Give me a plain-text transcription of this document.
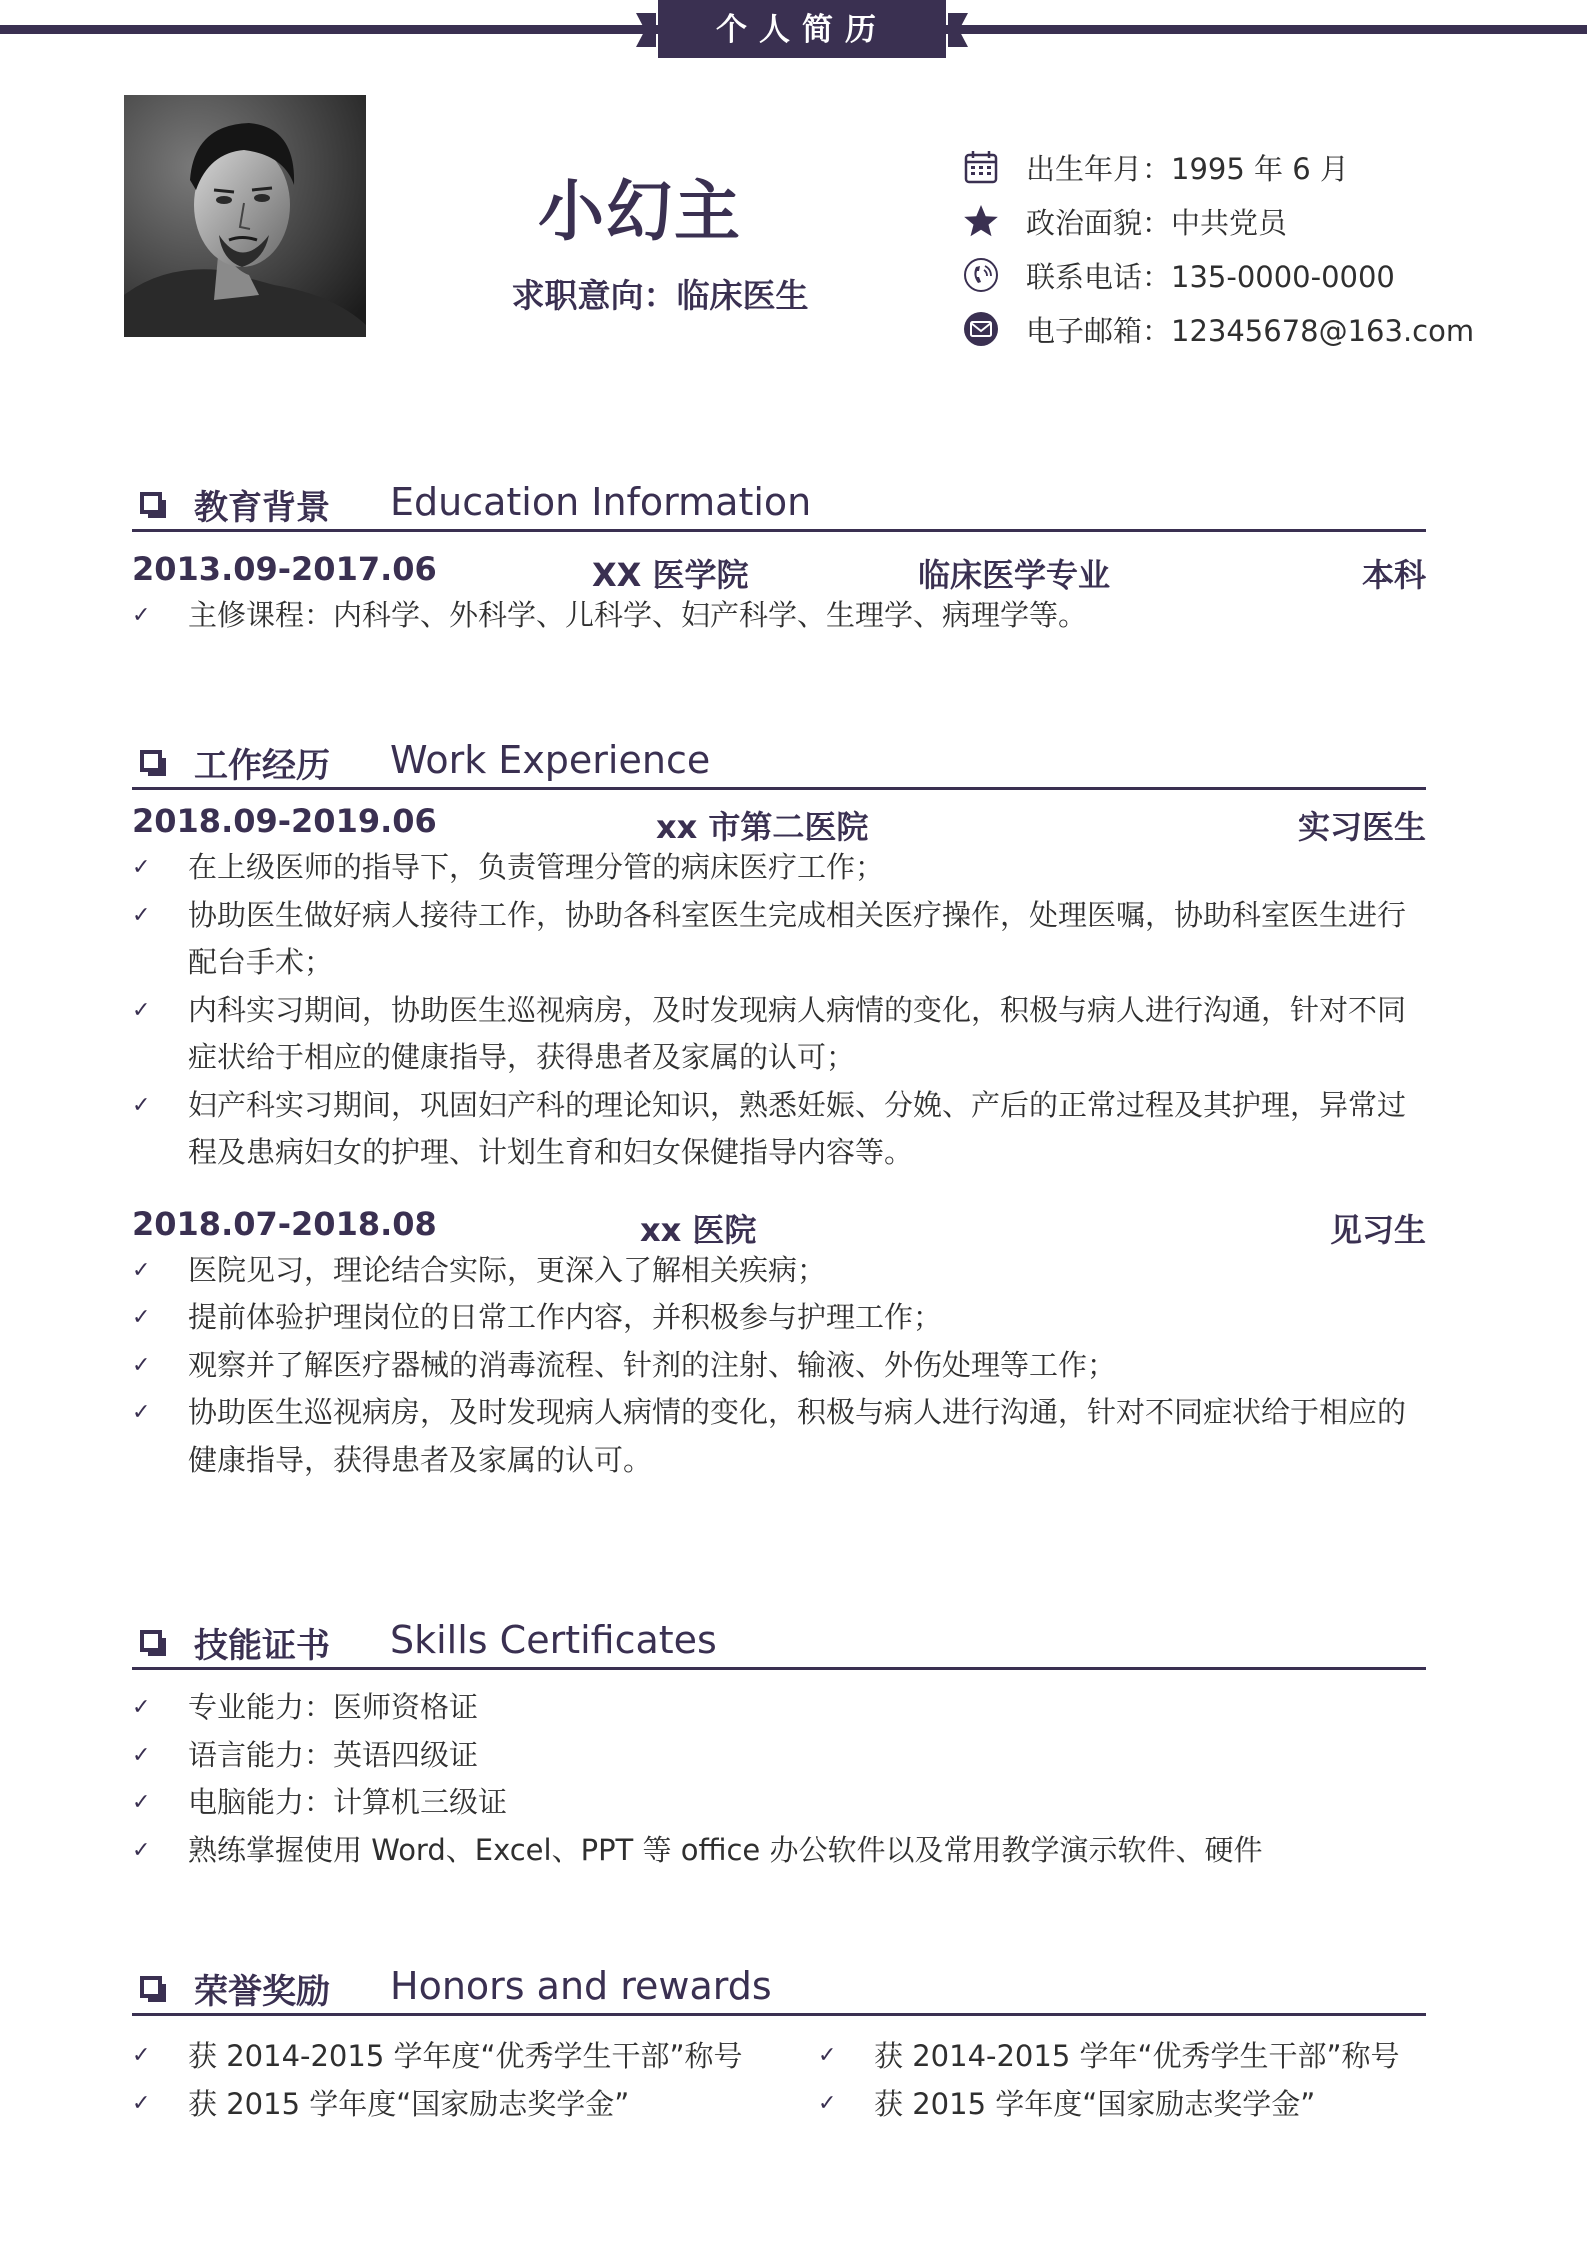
个人简历
小幻主
求职意向：临床医生
出生年月：1995 年 6 月
政治面貌：中共党员
联系电话：135-0000-0000
电子邮箱：12345678@163.com
教育背景 Education Information
2013.09-2017.06	XX 医学院	临床医学专业	本科
✓ 主修课程：内科学、外科学、儿科学、妇产科学、生理学、病理学等。
工作经历 Work Experience
2018.09-2019.06	xx 市第二医院	实习医生
✓ 在上级医师的指导下，负责管理分管的病床医疗工作；
✓ 协助医生做好病人接待工作，协助各科室医生完成相关医疗操作，处理医嘱，协助科室医生进行配台手术；
✓ 内科实习期间，协助医生巡视病房，及时发现病人病情的变化，积极与病人进行沟通，针对不同症状给于相应的健康指导，获得患者及家属的认可；
✓ 妇产科实习期间，巩固妇产科的理论知识，熟悉妊娠、分娩、产后的正常过程及其护理，异常过程及患病妇女的护理、计划生育和妇女保健指导内容等。
2018.07-2018.08	xx 医院	见习生
✓ 医院见习，理论结合实际，更深入了解相关疾病；
✓ 提前体验护理岗位的日常工作内容，并积极参与护理工作；
✓ 观察并了解医疗器械的消毒流程、针剂的注射、输液、外伤处理等工作；
✓ 协助医生巡视病房，及时发现病人病情的变化，积极与病人进行沟通，针对不同症状给于相应的健康指导，获得患者及家属的认可。
技能证书 Skills Certificates
✓ 专业能力：医师资格证
✓ 语言能力：英语四级证
✓ 电脑能力：计算机三级证
✓ 熟练掌握使用 Word、Excel、PPT 等 office 办公软件以及常用教学演示软件、硬件
荣誉奖励 Honors and rewards
✓ 获 2014-2015 学年度“优秀学生干部”称号	✓ 获 2014-2015 学年“优秀学生干部”称号
✓ 获 2015 学年度“国家励志奖学金”	✓ 获 2015 学年度“国家励志奖学金”
